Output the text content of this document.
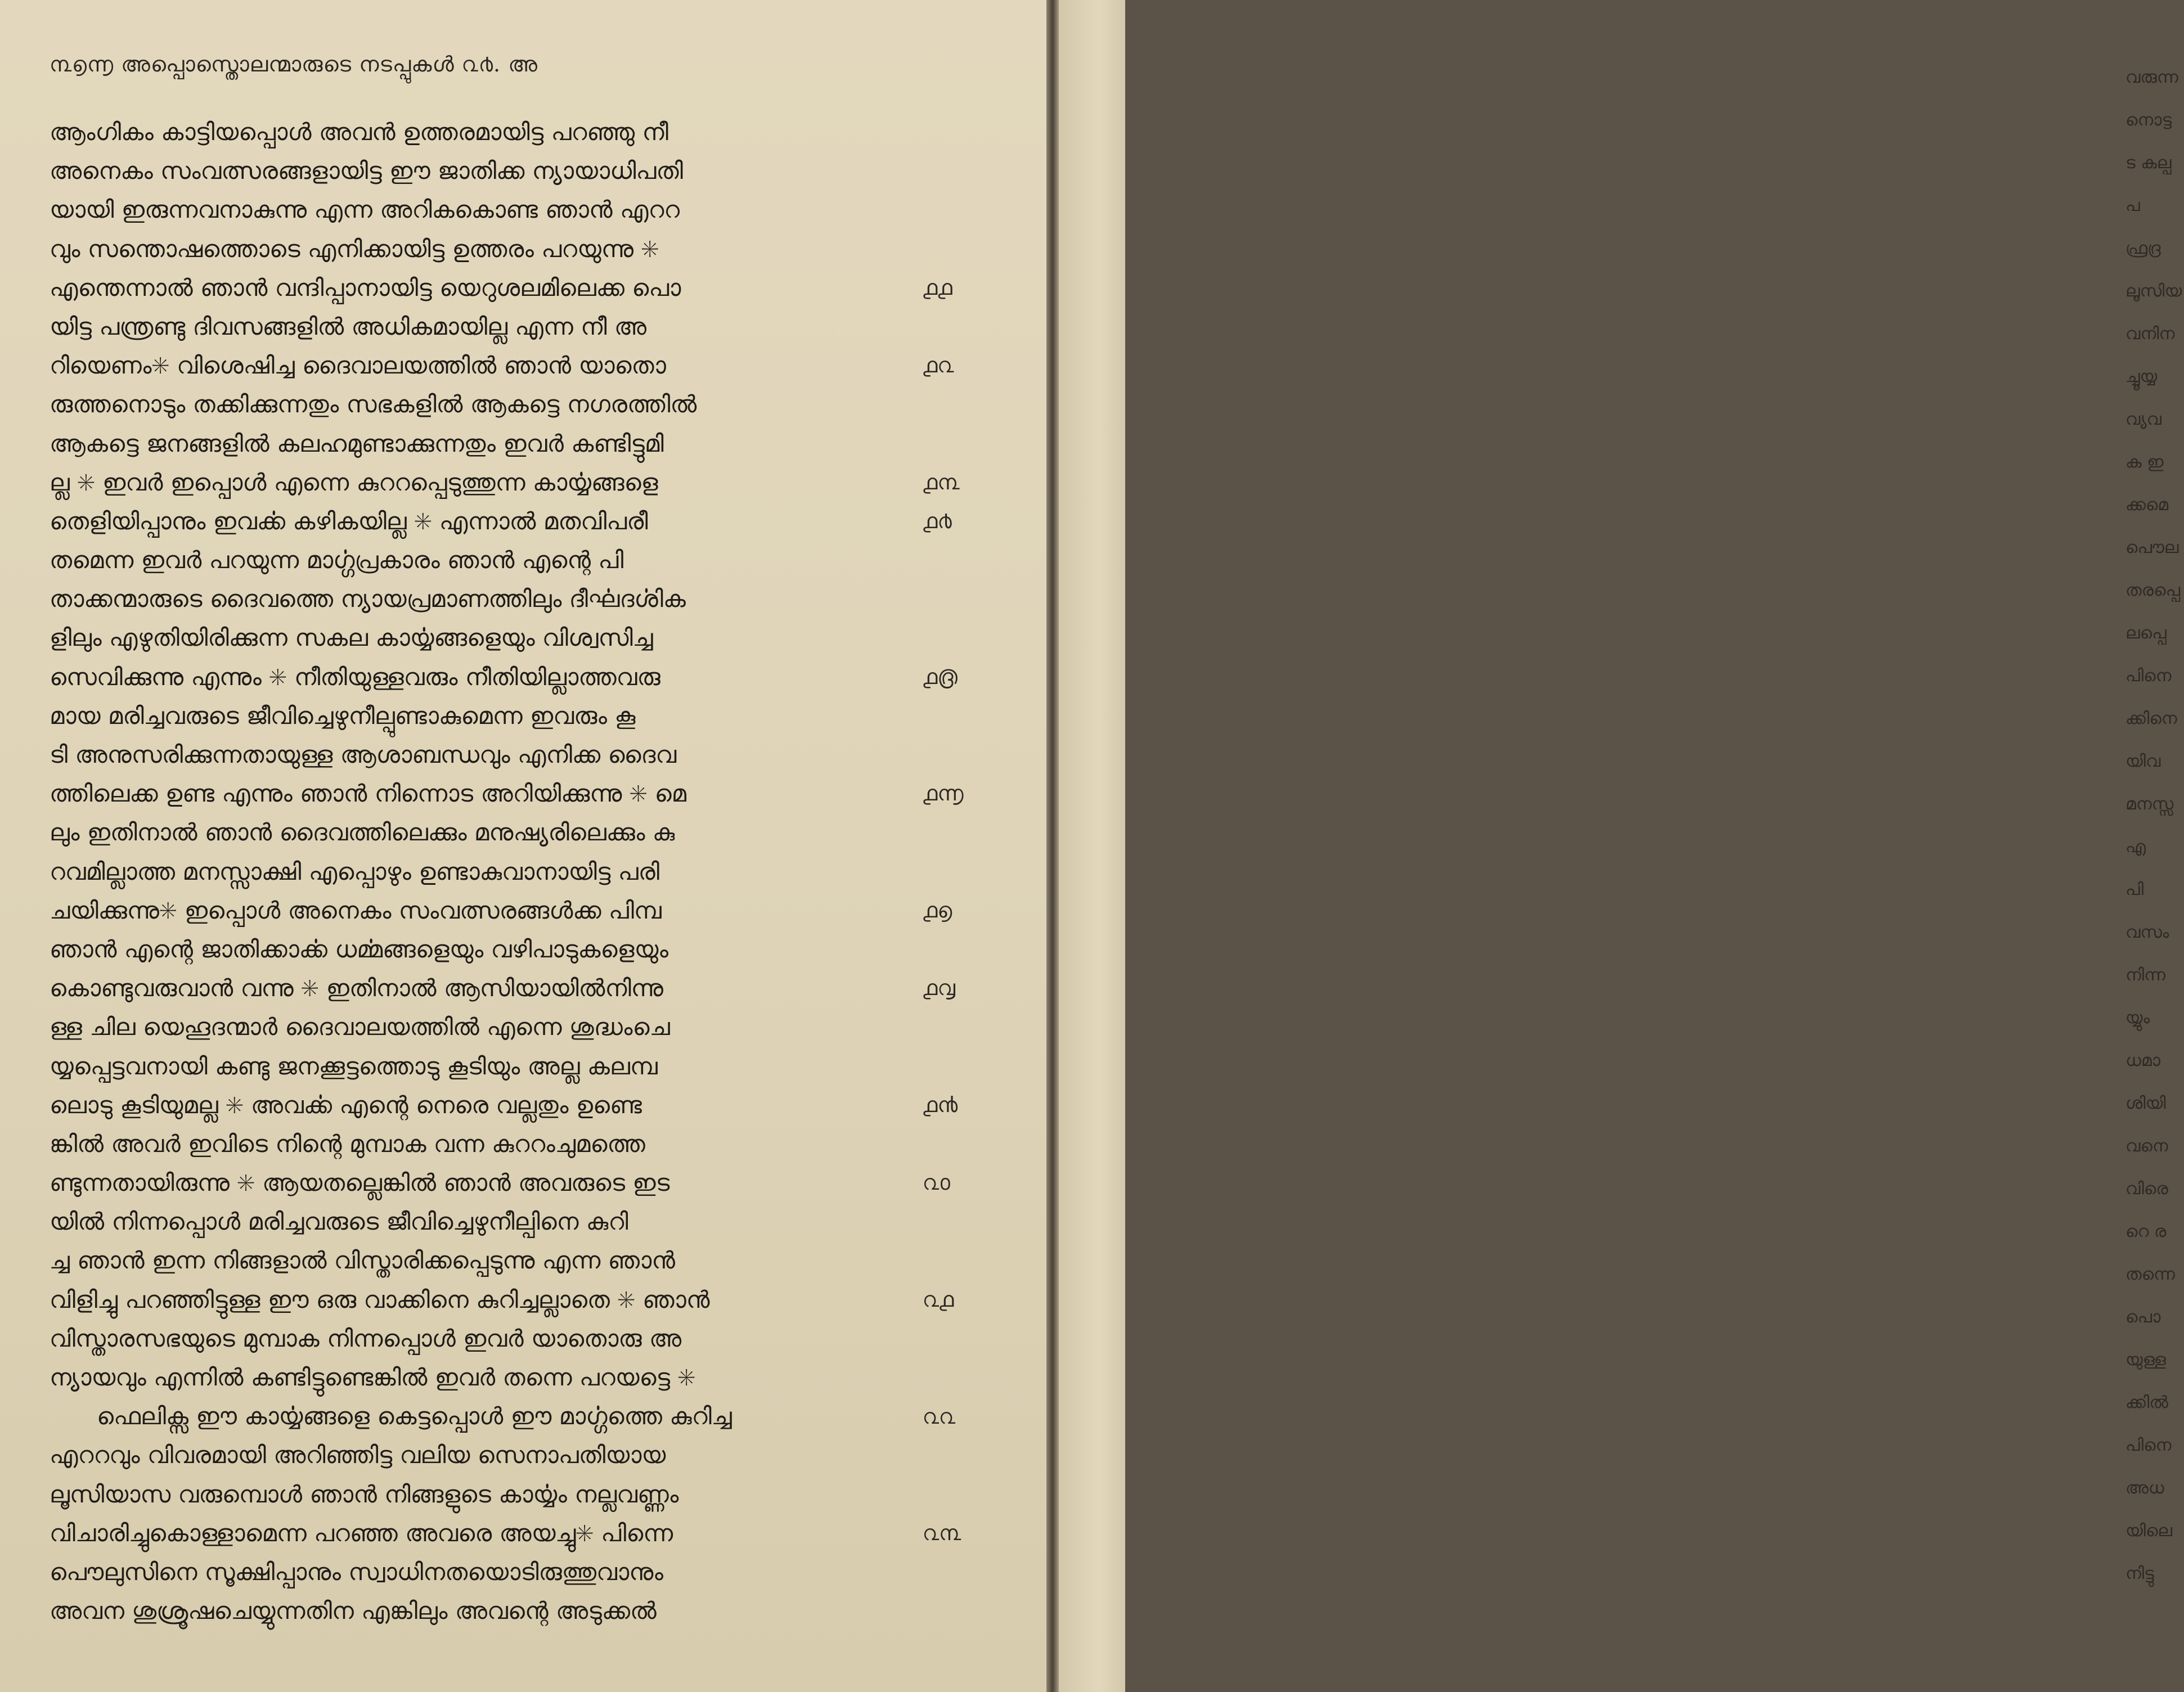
൩൭൬ അപ്പൊസ്തൊലന്മാരുടെ നടപ്പുകൾ ൨൪. അ
ആംഗികം കാട്ടിയപ്പൊൾ അവൻ ഉത്തരമായിട്ട പറഞ്ഞു നീ
അനെകം സംവത്സരങ്ങളായിട്ട ഈ ജാതിക്ക ന്യായാധിപതി
യായി ഇരുന്നവനാകുന്നു എന്ന അറികകൊണ്ട ഞാൻ എററ
വും സന്തൊഷത്തൊടെ എനിക്കായിട്ട ഉത്തരം പറയുന്നു ✳
എന്തെന്നാൽ ഞാൻ വന്ദിപ്പാനായിട്ട യെറുശലമിലെക്ക പൊ
യിട്ട പന്ത്രണ്ടു ദിവസങ്ങളിൽ അധികമായില്ല എന്ന നീ അ
റിയെണം✳ വിശെഷിച്ച ദൈവാലയത്തിൽ ഞാൻ യാതൊ
രുത്തനൊടും തക്കിക്കുന്നതും സഭകളിൽ ആകട്ടെ നഗരത്തിൽ
ആകട്ടെ ജനങ്ങളിൽ കലഹമുണ്ടാക്കുന്നതും ഇവർ കണ്ടിട്ടുമി
ല്ല ✳ ഇവർ ഇപ്പൊൾ എന്നെ കുററപ്പെടുത്തുന്ന കാൎയ്യങ്ങളെ
തെളിയിപ്പാനും ഇവൎക്ക കഴികയില്ല ✳ എന്നാൽ മതവിപരീ
തമെന്ന ഇവർ പറയുന്ന മാൎഗ്ഗപ്രകാരം ഞാൻ എന്റെ പി
താക്കന്മാരുടെ ദൈവത്തെ ന്യായപ്രമാണത്തിലും ദീൎഘദൎശിക
ളിലും എഴുതിയിരിക്കുന്ന സകല കാൎയ്യങ്ങളെയും വിശ്വസിച്ച
സെവിക്കുന്നു എന്നും ✳ നീതിയുള്ളവരും നീതിയില്ലാത്തവരു
മായ മരിച്ചവരുടെ ജീവിച്ചെഴുനീല്പുണ്ടാകുമെന്ന ഇവരും കൂ
ടി അനുസരിക്കുന്നതായുള്ള ആശാബന്ധവും എനിക്ക ദൈവ
ത്തിലെക്ക ഉണ്ട എന്നും ഞാൻ നിന്നൊട അറിയിക്കുന്നു ✳ മെ
ലും ഇതിനാൽ ഞാൻ ദൈവത്തിലെക്കും മനുഷ്യരിലെക്കും കു
റവമില്ലാത്ത മനസ്സാക്ഷി എപ്പൊഴും ഉണ്ടാകുവാനായിട്ട പരി
ചയിക്കുന്നു✳ ഇപ്പൊൾ അനെകം സംവത്സരങ്ങൾക്ക പിമ്പ
ഞാൻ എന്റെ ജാതിക്കാൎക്ക ധൎമ്മങ്ങളെയും വഴിപാടുകളെയും
കൊണ്ടുവരുവാൻ വന്നു ✳ ഇതിനാൽ ആസിയായിൽനിന്നു
ള്ള ചില യെഹൂദന്മാർ ദൈവാലയത്തിൽ എന്നെ ശുദ്ധംചെ
യ്യപ്പെട്ടവനായി കണ്ടു ജനക്കൂട്ടത്തൊടു കൂടിയും അല്ല കലമ്പ
ലൊടു കൂടിയുമല്ല ✳ അവൎക്ക എന്റെ നെരെ വല്ലതും ഉണ്ടെ
ങ്കിൽ അവർ ഇവിടെ നിന്റെ മുമ്പാക വന്ന കുററംചുമത്തെ
ണ്ടുന്നതായിരുന്നു ✳ ആയതല്ലെങ്കിൽ ഞാൻ അവരുടെ ഇട
യിൽ നിന്നപ്പൊൾ മരിച്ചവരുടെ ജീവിച്ചെഴുനീല്പിനെ കുറി
ച്ച ഞാൻ ഇന്ന നിങ്ങളാൽ വിസ്താരിക്കപ്പെടുന്നു എന്ന ഞാൻ
വിളിച്ചു പറഞ്ഞിട്ടുള്ള ഈ ഒരു വാക്കിനെ കുറിച്ചല്ലാതെ ✳ ഞാൻ
വിസ്താരസഭയുടെ മുമ്പാക നിന്നപ്പൊൾ ഇവർ യാതൊരു അ
ന്യായവും എന്നിൽ കണ്ടിട്ടുണ്ടെങ്കിൽ ഇവർ തന്നെ പറയട്ടെ ✳
ഫെലിക്സ ഈ കാൎയ്യങ്ങളെ കെട്ടപ്പൊൾ ഈ മാൎഗ്ഗത്തെ കുറിച്ച
എററവും വിവരമായി അറിഞ്ഞിട്ട വലിയ സെനാപതിയായ
ലൂസിയാസ വരുമ്പൊൾ ഞാൻ നിങ്ങളുടെ കാൎയ്യം നല്ലവണ്ണം
വിചാരിച്ചുകൊള്ളാമെന്ന പറഞ്ഞ അവരെ അയച്ചു✳ പിന്നെ
പൌലുസിനെ സൂക്ഷിപ്പാനും സ്വാധിനതയൊടിരുത്തുവാനും
അവന ശുശ്രൂഷചെയ്യുന്നതിന എങ്കിലും അവന്റെ അടുക്കൽ
൧൧
൧൨
൧൩
൧൪
൧൫
൧൬
൧൭
൧൮
൧൯
൨൦
൨൧
൨൨
൨൩
വരുന്ന
നൊട്ട
ട കല്പ
പ
ഫ്രദ്ര
ലൂസിയ
വനിന
ച്ചൂയ്യ
വ്യവ
ക ഇ
ക്കമെ
പൌല
തരപ്പെ
ലപ്പെ
പിനെ
ക്കിനെ
യിവ
മനസ്സ
എ
പി
വസം
നിന്ന
യ്യും
ധമാ
ശിയി
വനെ
വിരെ
റെ ര
തന്നെ
പൊ
യുള്ള
ക്കിൽ
പിനെ
അധ
യിലെ
നിട്ടു
